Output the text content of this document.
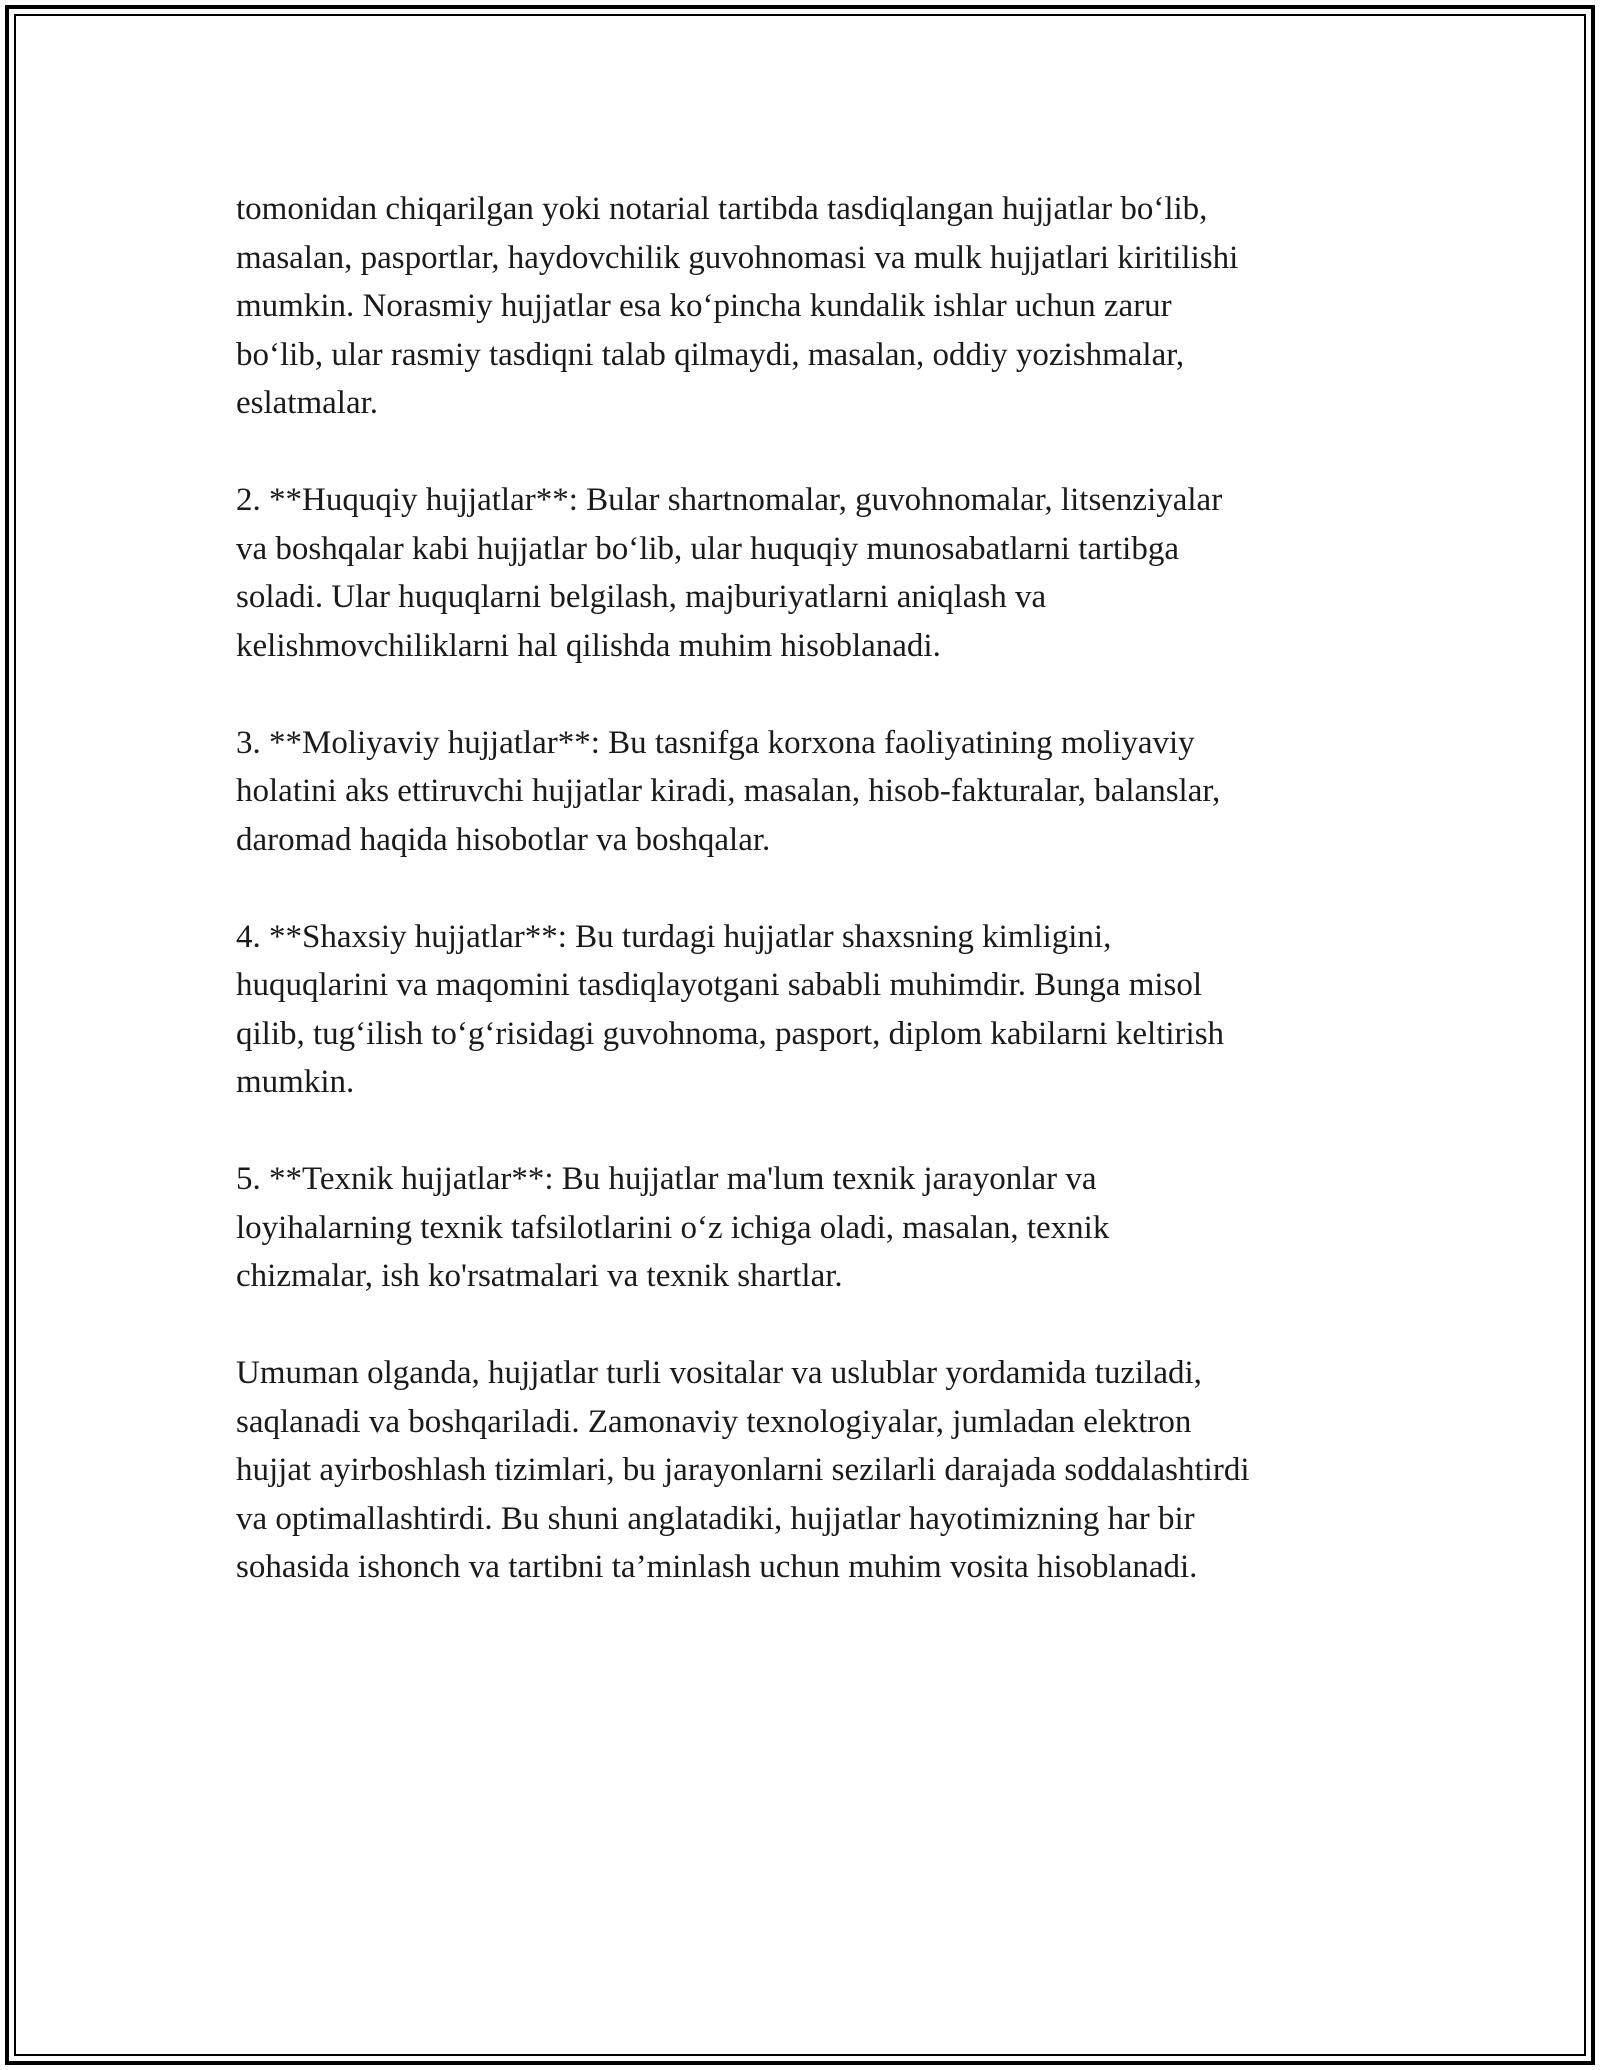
tomonidan chiqarilgan yoki notarial tartibda tasdiqlangan hujjatlar bo‘lib,
masalan, pasportlar, haydovchilik guvohnomasi va mulk hujjatlari kiritilishi
mumkin. Norasmiy hujjatlar esa ko‘pincha kundalik ishlar uchun zarur
bo‘lib, ular rasmiy tasdiqni talab qilmaydi, masalan, oddiy yozishmalar,
eslatmalar.

2. **Huquqiy hujjatlar**: Bular shartnomalar, guvohnomalar, litsenziyalar
va boshqalar kabi hujjatlar bo‘lib, ular huquqiy munosabatlarni tartibga
soladi. Ular huquqlarni belgilash, majburiyatlarni aniqlash va
kelishmovchiliklarni hal qilishda muhim hisoblanadi.

3. **Moliyaviy hujjatlar**: Bu tasnifga korxona faoliyatining moliyaviy
holatini aks ettiruvchi hujjatlar kiradi, masalan, hisob-fakturalar, balanslar,
daromad haqida hisobotlar va boshqalar.

4. **Shaxsiy hujjatlar**: Bu turdagi hujjatlar shaxsning kimligini,
huquqlarini va maqomini tasdiqlayotgani sababli muhimdir. Bunga misol
qilib, tug‘ilish to‘g‘risidagi guvohnoma, pasport, diplom kabilarni keltirish
mumkin.

5. **Texnik hujjatlar**: Bu hujjatlar ma'lum texnik jarayonlar va
loyihalarning texnik tafsilotlarini o‘z ichiga oladi, masalan, texnik
chizmalar, ish ko'rsatmalari va texnik shartlar.

Umuman olganda, hujjatlar turli vositalar va uslublar yordamida tuziladi,
saqlanadi va boshqariladi. Zamonaviy texnologiyalar, jumladan elektron
hujjat ayirboshlash tizimlari, bu jarayonlarni sezilarli darajada soddalashtirdi
va optimallashtirdi. Bu shuni anglatadiki, hujjatlar hayotimizning har bir
sohasida ishonch va tartibni ta’minlash uchun muhim vosita hisoblanadi.
